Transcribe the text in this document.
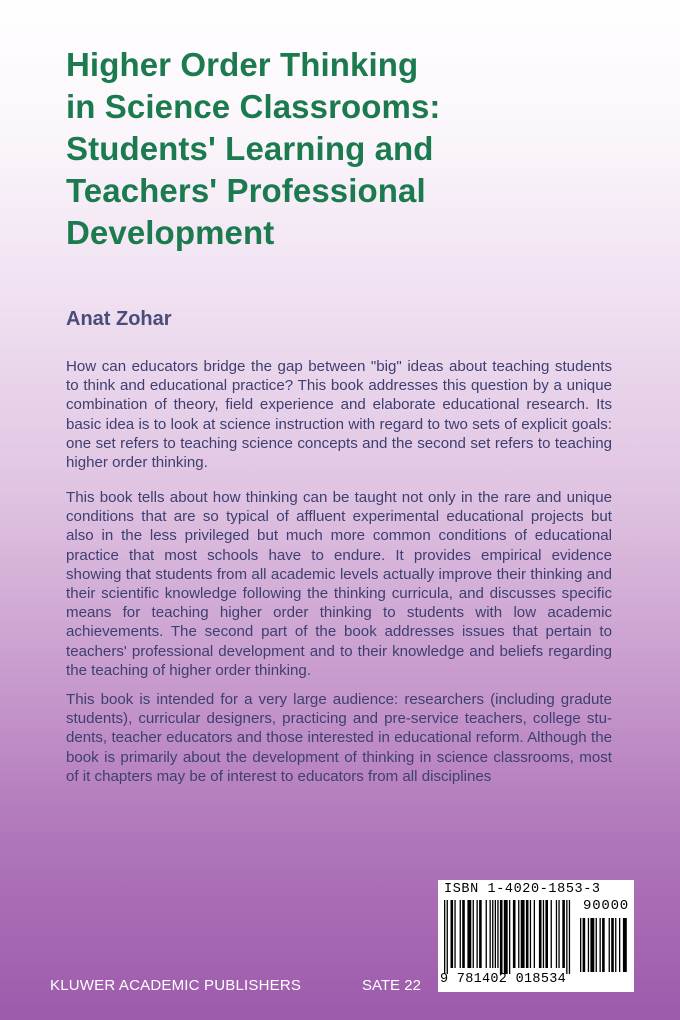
Higher Order Thinking
in Science Classrooms:
Students' Learning and
Teachers' Professional
Development
Anat Zohar

How can educators bridge the gap between "big" ideas about teaching students to think and educational practice? This book addresses this question by a unique combination of theory, field experience and elaborate educational research. Its basic idea is to look at science instruction with regard to two sets of explicit goals: one set refers to teaching science concepts and the second set refers to teaching higher order thinking.

This book tells about how thinking can be taught not only in the rare and unique conditions that are so typical of affluent experimental educational projects but also in the less privileged but much more common conditions of educational practice that most schools have to endure. It provides empirical evidence showing that students from all academic levels actually improve their thinking and their scientific knowledge following the thinking curricula, and discusses specific means for teaching higher order thinking to students with low academic achievements. The second part of the book addresses issues that pertain to teachers' professional development and to their knowledge and beliefs regarding the teaching of higher order thinking.

This book is intended for a very large audience: researchers (including gradute students), curricular designers, practicing and pre-service teachers, college students, teacher educators and those interested in educational reform. Although the book is primarily about the development of thinking in science classrooms, most of it chapters may be of interest to educators from all disciplines

KLUWER ACADEMIC PUBLISHERS	SATE 22
ISBN 1-4020-1853-3
90000
9 781402 018534
